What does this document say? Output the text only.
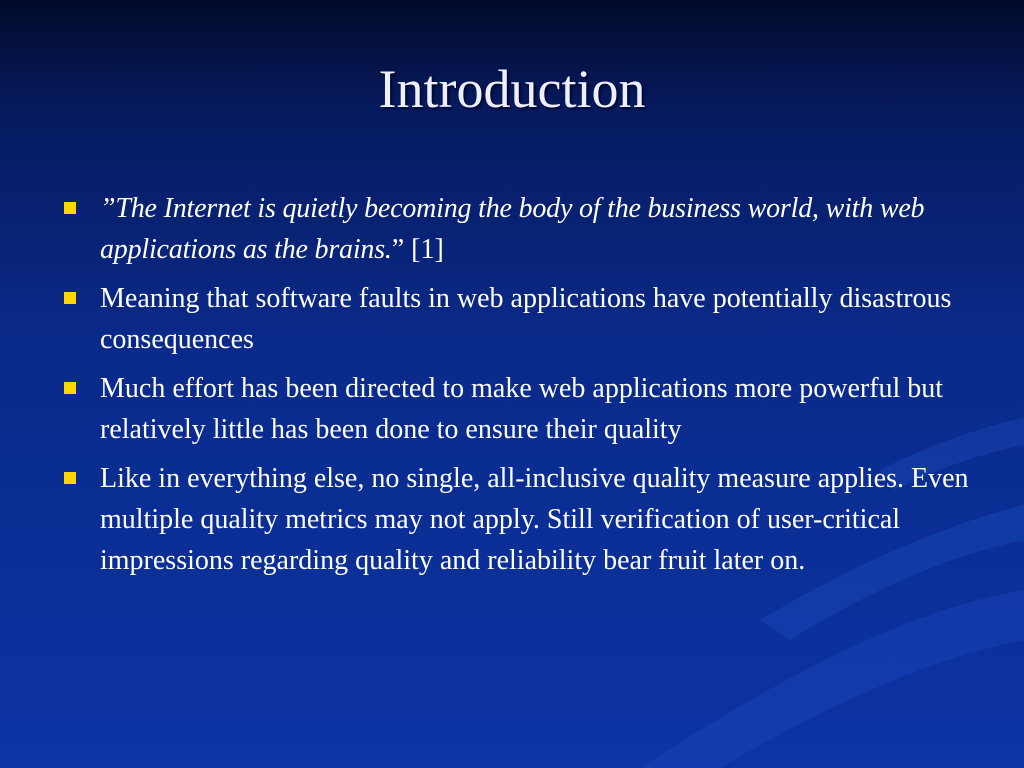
Introduction
”The Internet is quietly becoming the body of the business world, with web applications as the brains.” [1]
Meaning that software faults in web applications have potentially disastrous consequences
Much effort has been directed to make web applications more powerful but relatively little has been done to ensure their quality
Like in everything else, no single, all-inclusive quality measure applies. Even multiple quality metrics may not apply. Still verification of user-critical impressions regarding quality and reliability bear fruit later on.
